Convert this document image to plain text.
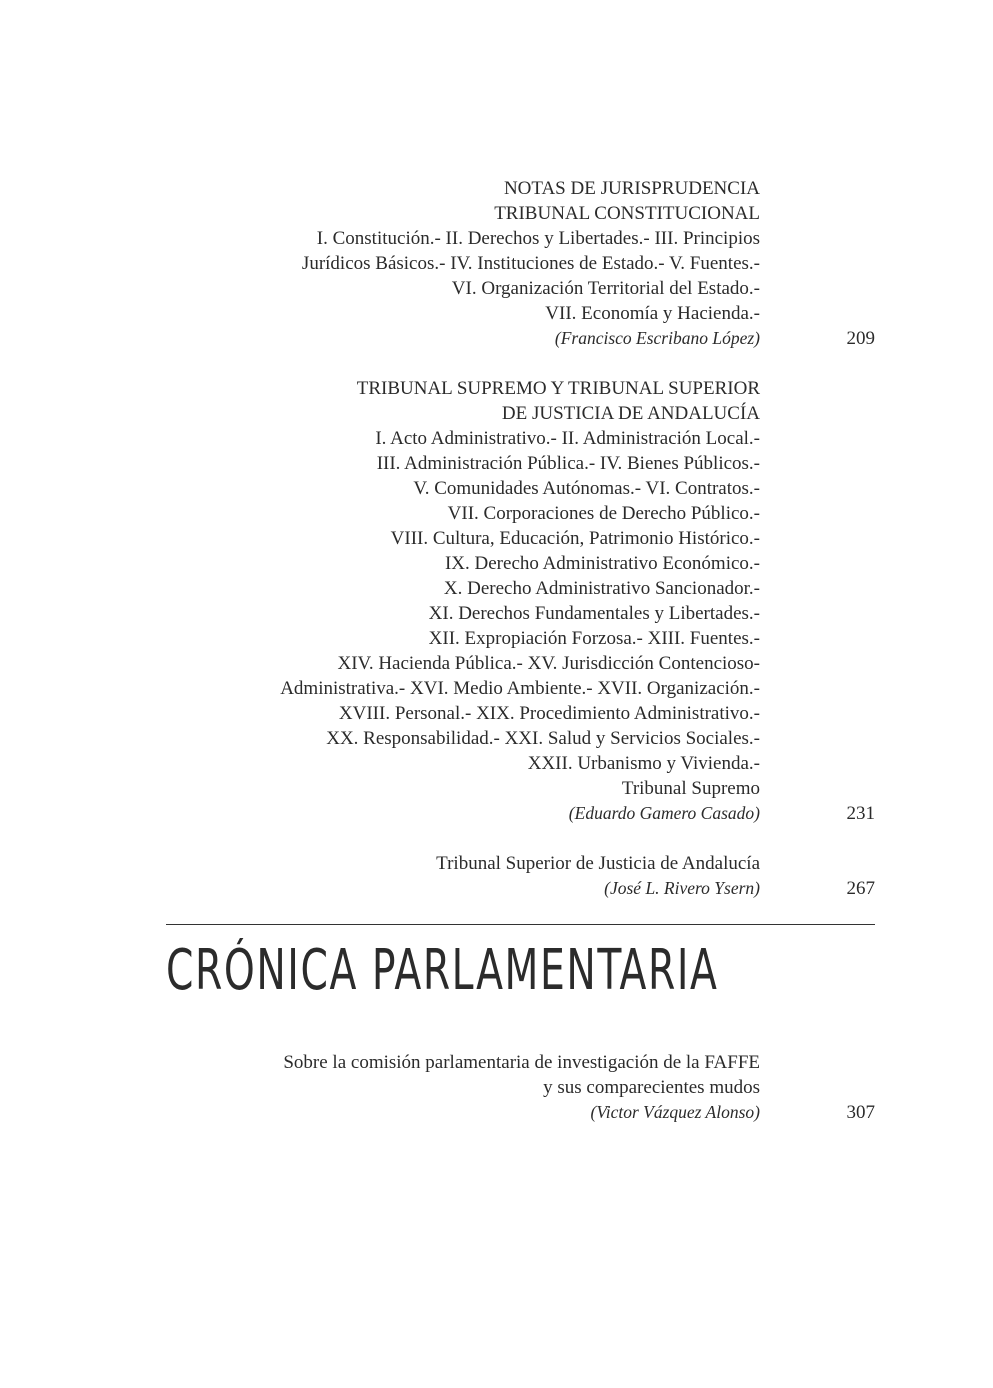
NOTAS DE JURISPRUDENCIA
TRIBUNAL CONSTITUCIONAL
I. Constitución.- II. Derechos y Libertades.- III. Principios
Jurídicos Básicos.- IV. Instituciones de Estado.- V. Fuentes.-
VI. Organización Territorial del Estado.-
VII. Economía y Hacienda.-
(Francisco Escribano López)	209
TRIBUNAL SUPREMO Y TRIBUNAL SUPERIOR
DE JUSTICIA DE ANDALUCÍA
I. Acto Administrativo.- II. Administración Local.-
III. Administración Pública.- IV. Bienes Públicos.-
V. Comunidades Autónomas.- VI. Contratos.-
VII. Corporaciones de Derecho Público.-
VIII. Cultura, Educación, Patrimonio Histórico.-
IX. Derecho Administrativo Económico.-
X. Derecho Administrativo Sancionador.-
XI. Derechos Fundamentales y Libertades.-
XII. Expropiación Forzosa.- XIII. Fuentes.-
XIV. Hacienda Pública.- XV. Jurisdicción Contencioso-
Administrativa.- XVI. Medio Ambiente.- XVII. Organización.-
XVIII. Personal.- XIX. Procedimiento Administrativo.-
XX. Responsabilidad.- XXI. Salud y Servicios Sociales.-
XXII. Urbanismo y Vivienda.-
Tribunal Supremo
(Eduardo Gamero Casado)	231
Tribunal Superior de Justicia de Andalucía
(José L. Rivero Ysern)	267
CRÓNICA PARLAMENTARIA
Sobre la comisión parlamentaria de investigación de la FAFFE
y sus comparecientes mudos
(Victor Vázquez Alonso)	307
